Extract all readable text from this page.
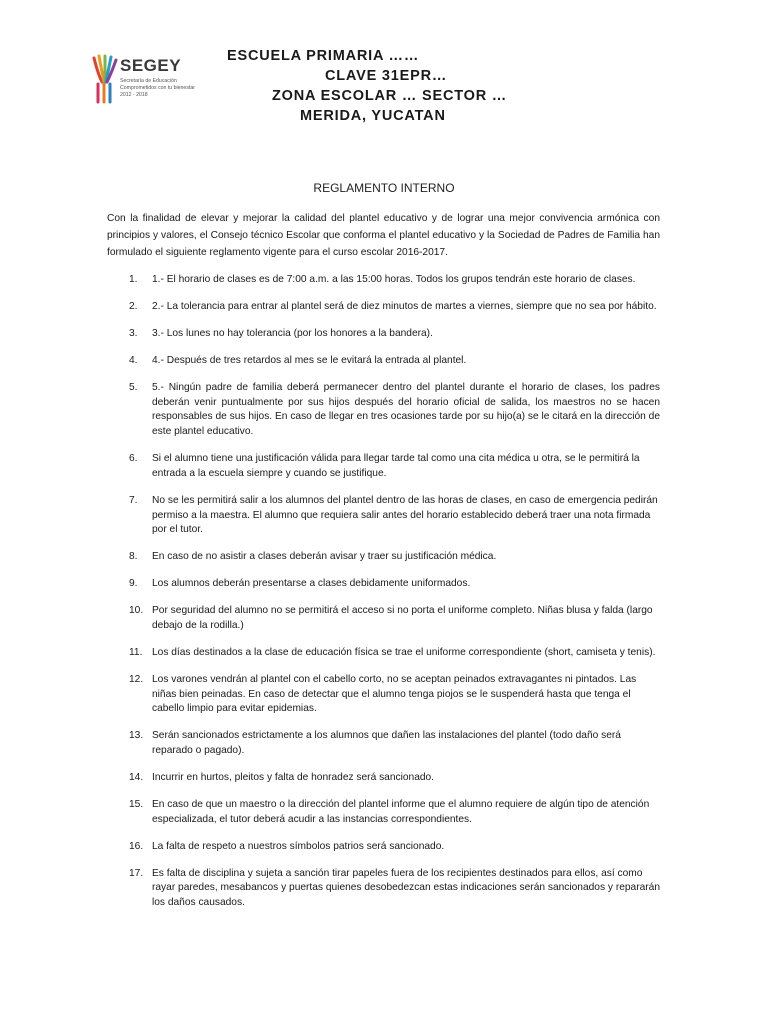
SEGEY
Secretaría de Educación
Comprometidos con tu bienestar
2012 - 2018
ESCUELA PRIMARIA ……
CLAVE 31EPR…
ZONA ESCOLAR … SECTOR …
MERIDA, YUCATAN
REGLAMENTO INTERNO
Con la finalidad de elevar y mejorar la calidad del plantel educativo y de lograr una mejor convivencia armónica con principios y valores, el Consejo técnico Escolar que conforma el plantel educativo y la Sociedad de Padres de Familia han formulado el siguiente reglamento vigente para el curso escolar 2016-2017.
1. 1.- El horario de clases es de 7:00 a.m. a las 15:00 horas. Todos los grupos tendrán este horario de clases.
2. 2.- La tolerancia para entrar al plantel será de diez minutos de martes a viernes, siempre que no sea por hábito.
3. 3.- Los lunes no hay tolerancia (por los honores a la bandera).
4. 4.- Después de tres retardos al mes se le evitará la entrada al plantel.
5. 5.- Ningún padre de familia deberá permanecer dentro del plantel durante el horario de clases, los padres deberán venir puntualmente por sus hijos después del horario oficial de salida, los maestros no se hacen responsables de sus hijos. En caso de llegar en tres ocasiones tarde por su hijo(a) se le citará en la dirección de este plantel educativo.
6. Si el alumno tiene una justificación válida para llegar tarde tal como una cita médica u otra, se le permitirá la entrada a la escuela siempre y cuando se justifique.
7. No se les permitirá salir a los alumnos del plantel dentro de las horas de clases, en caso de emergencia pedirán permiso a la maestra. El alumno que requiera salir antes del horario establecido deberá traer una nota firmada por el tutor.
8. En caso de no asistir a clases deberán avisar y traer su justificación médica.
9. Los alumnos deberán presentarse a clases debidamente uniformados.
10. Por seguridad del alumno no se permitirá el acceso si no porta el uniforme completo. Niñas blusa y falda (largo debajo de la rodilla.)
11. Los días destinados a la clase de educación física se trae el uniforme correspondiente (short, camiseta y tenis).
12. Los varones vendrán al plantel con el cabello corto, no se aceptan peinados extravagantes ni pintados. Las niñas bien peinadas. En caso de detectar que el alumno tenga piojos se le suspenderá hasta que tenga el cabello limpio para evitar epidemias.
13. Serán sancionados estrictamente a los alumnos que dañen las instalaciones del plantel (todo daño será reparado o pagado).
14. Incurrir en hurtos, pleitos y falta de honradez será sancionado.
15. En caso de que un maestro o la dirección del plantel informe que el alumno requiere de algún tipo de atención especializada, el tutor deberá acudir a las instancias correspondientes.
16. La falta de respeto a nuestros símbolos patrios será sancionado.
17. Es falta de disciplina y sujeta a sanción tirar papeles fuera de los recipientes destinados para ellos, así como rayar paredes, mesabancos y puertas quienes desobedezcan estas indicaciones serán sancionados y repararán los daños causados.
